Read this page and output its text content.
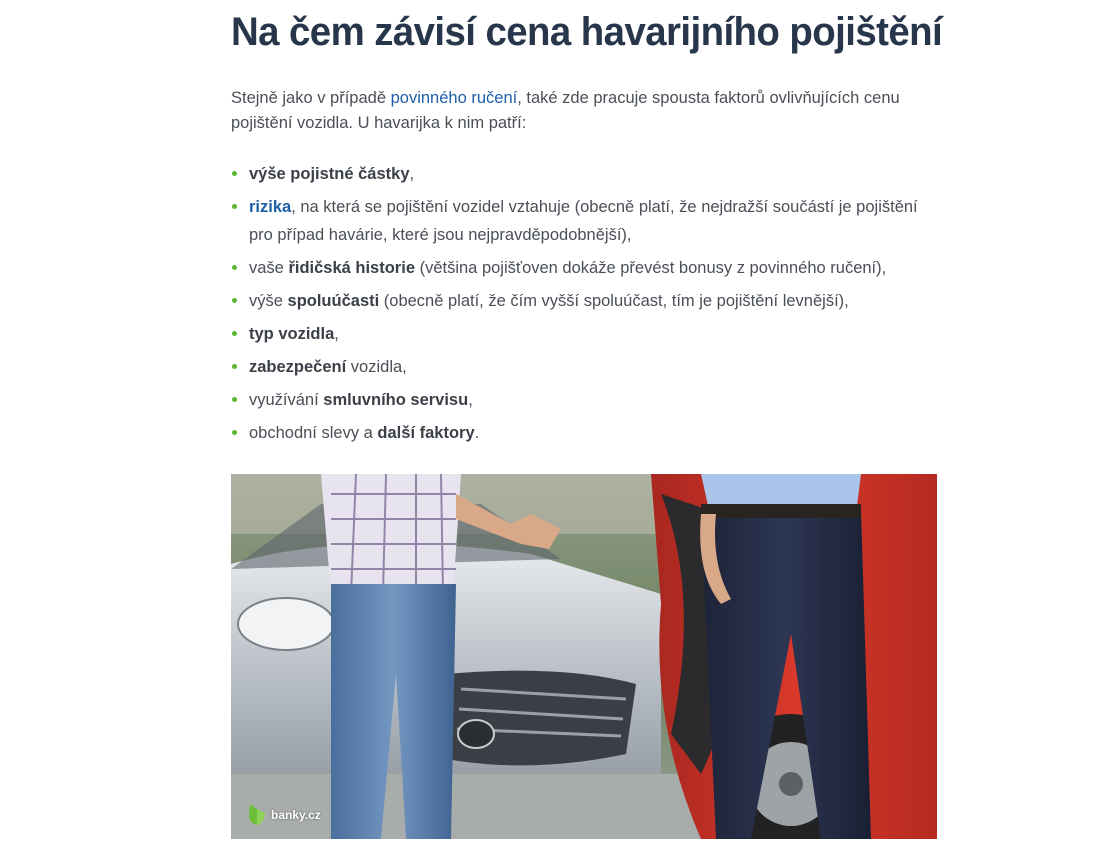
Na čem závisí cena havarijního pojištění

Stejně jako v případě povinného ručení, také zde pracuje spousta faktorů ovlivňujících cenu pojištění vozidla. U havarijka k nim patří:

výše pojistné částky,
rizika, na která se pojištění vozidel vztahuje (obecně platí, že nejdražší součástí je pojištění pro případ havárie, které jsou nejpravděpodobnější),
vaše řidičská historie (většina pojišťoven dokáže převést bonusy z povinného ručení),
výše spoluúčasti (obecně platí, že čím vyšší spoluúčast, tím je pojištění levnější),
typ vozidla,
zabezpečení vozidla,
využívání smluvního servisu,
obchodní slevy a další faktory.
banky.cz
